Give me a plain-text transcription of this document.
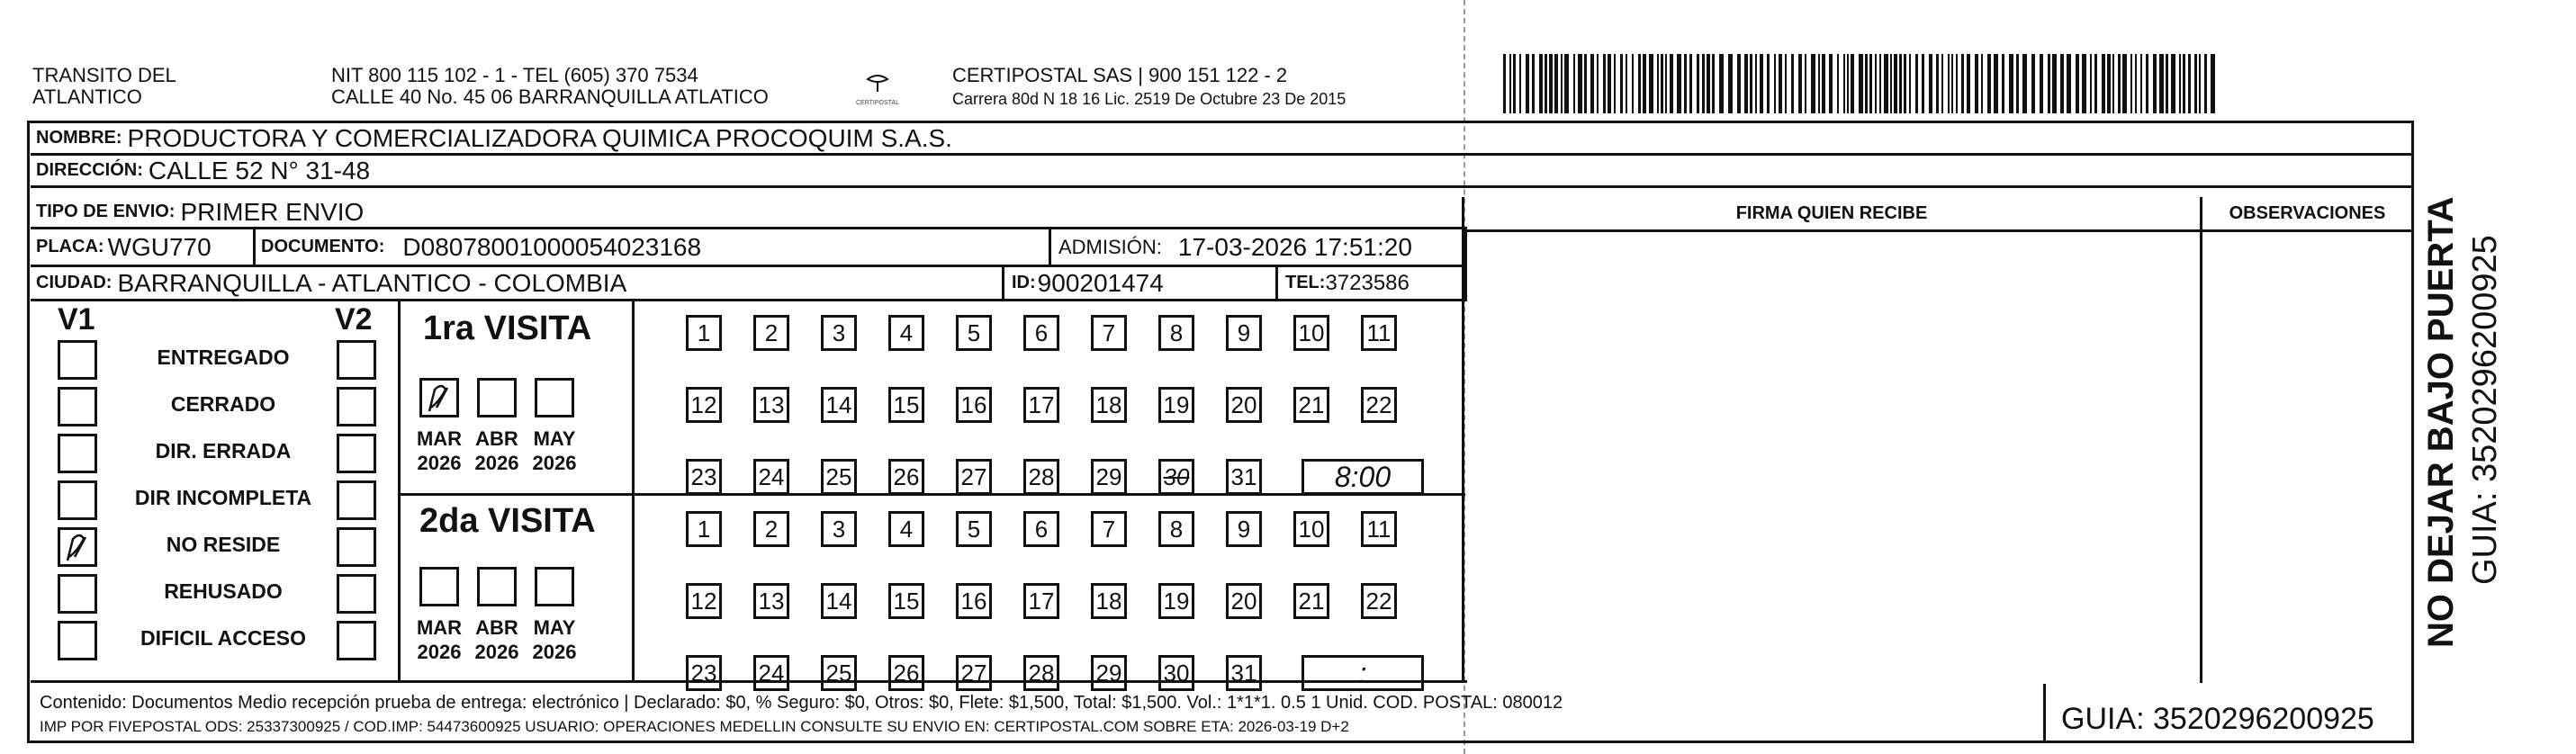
TRANSITO DEL
ATLANTICO
NIT 800 115 102 - 1 - TEL (605) 370 7534
CALLE 40 No. 45 06 BARRANQUILLA ATLATICO	CERTIPOSTAL
CERTIPOSTAL SAS | 900 151 122 - 2
Carrera 80d N 18 16 Lic. 2519 De Octubre 23 De 2015
NOMBRE: PRODUCTORA Y COMERCIALIZADORA QUIMICA PROCOQUIM S.A.S.
DIRECCIÓN: CALLE 52 N° 31-48
TIPO DE ENVIO: PRIMER ENVIO
PLACA: WGU770	DOCUMENTO: D08078001000054023168	ADMISIÓN: 17-03-2026 17:51:20
CIUDAD: BARRANQUILLA - ATLANTICO - COLOMBIA	ID: 900201474	TEL: 3723586
FIRMA QUIEN RECIBE	OBSERVACIONES
V1	V2 1ra VISITA
2da VISITA
ENTREGADO
CERRADO
DIR. ERRADA
DIR INCOMPLETA
NO RESIDE
REHUSADO
DIFICIL ACCESO
MAR
2026
ABR
2026
MAY
2026
MAR
2026
ABR
2026
MAY
2026
1	2	3	4	5	6	7	8	9	10 11
12 13 14 15 16 17 18 19 20 21 22
23 24 25 26 27 28 29 30 31	8:00
1	2	3	4	5	6	7	8	9	10 11
12 13 14 15 16 17 18 19 20 21 22
23 24 25 26 27 28 29 30 31	:
Contenido: Documentos Medio recepción prueba de entrega: electrónico | Declarado: $0, % Seguro: $0, Otros: $0, Flete: $1,500, Total: $1,500. Vol.: 1*1*1. 0.5 1 Unid. COD. POSTAL: 080012
IMP POR FIVEPOSTAL ODS: 25337300925 / COD.IMP: 54473600925 USUARIO: OPERACIONES MEDELLIN CONSULTE SU ENVIO EN: CERTIPOSTAL.COM SOBRE ETA: 2026-03-19 D+2	GUIA: 3520296200925
NO DEJAR BAJO PUERTA GUIA: 3520296200925
